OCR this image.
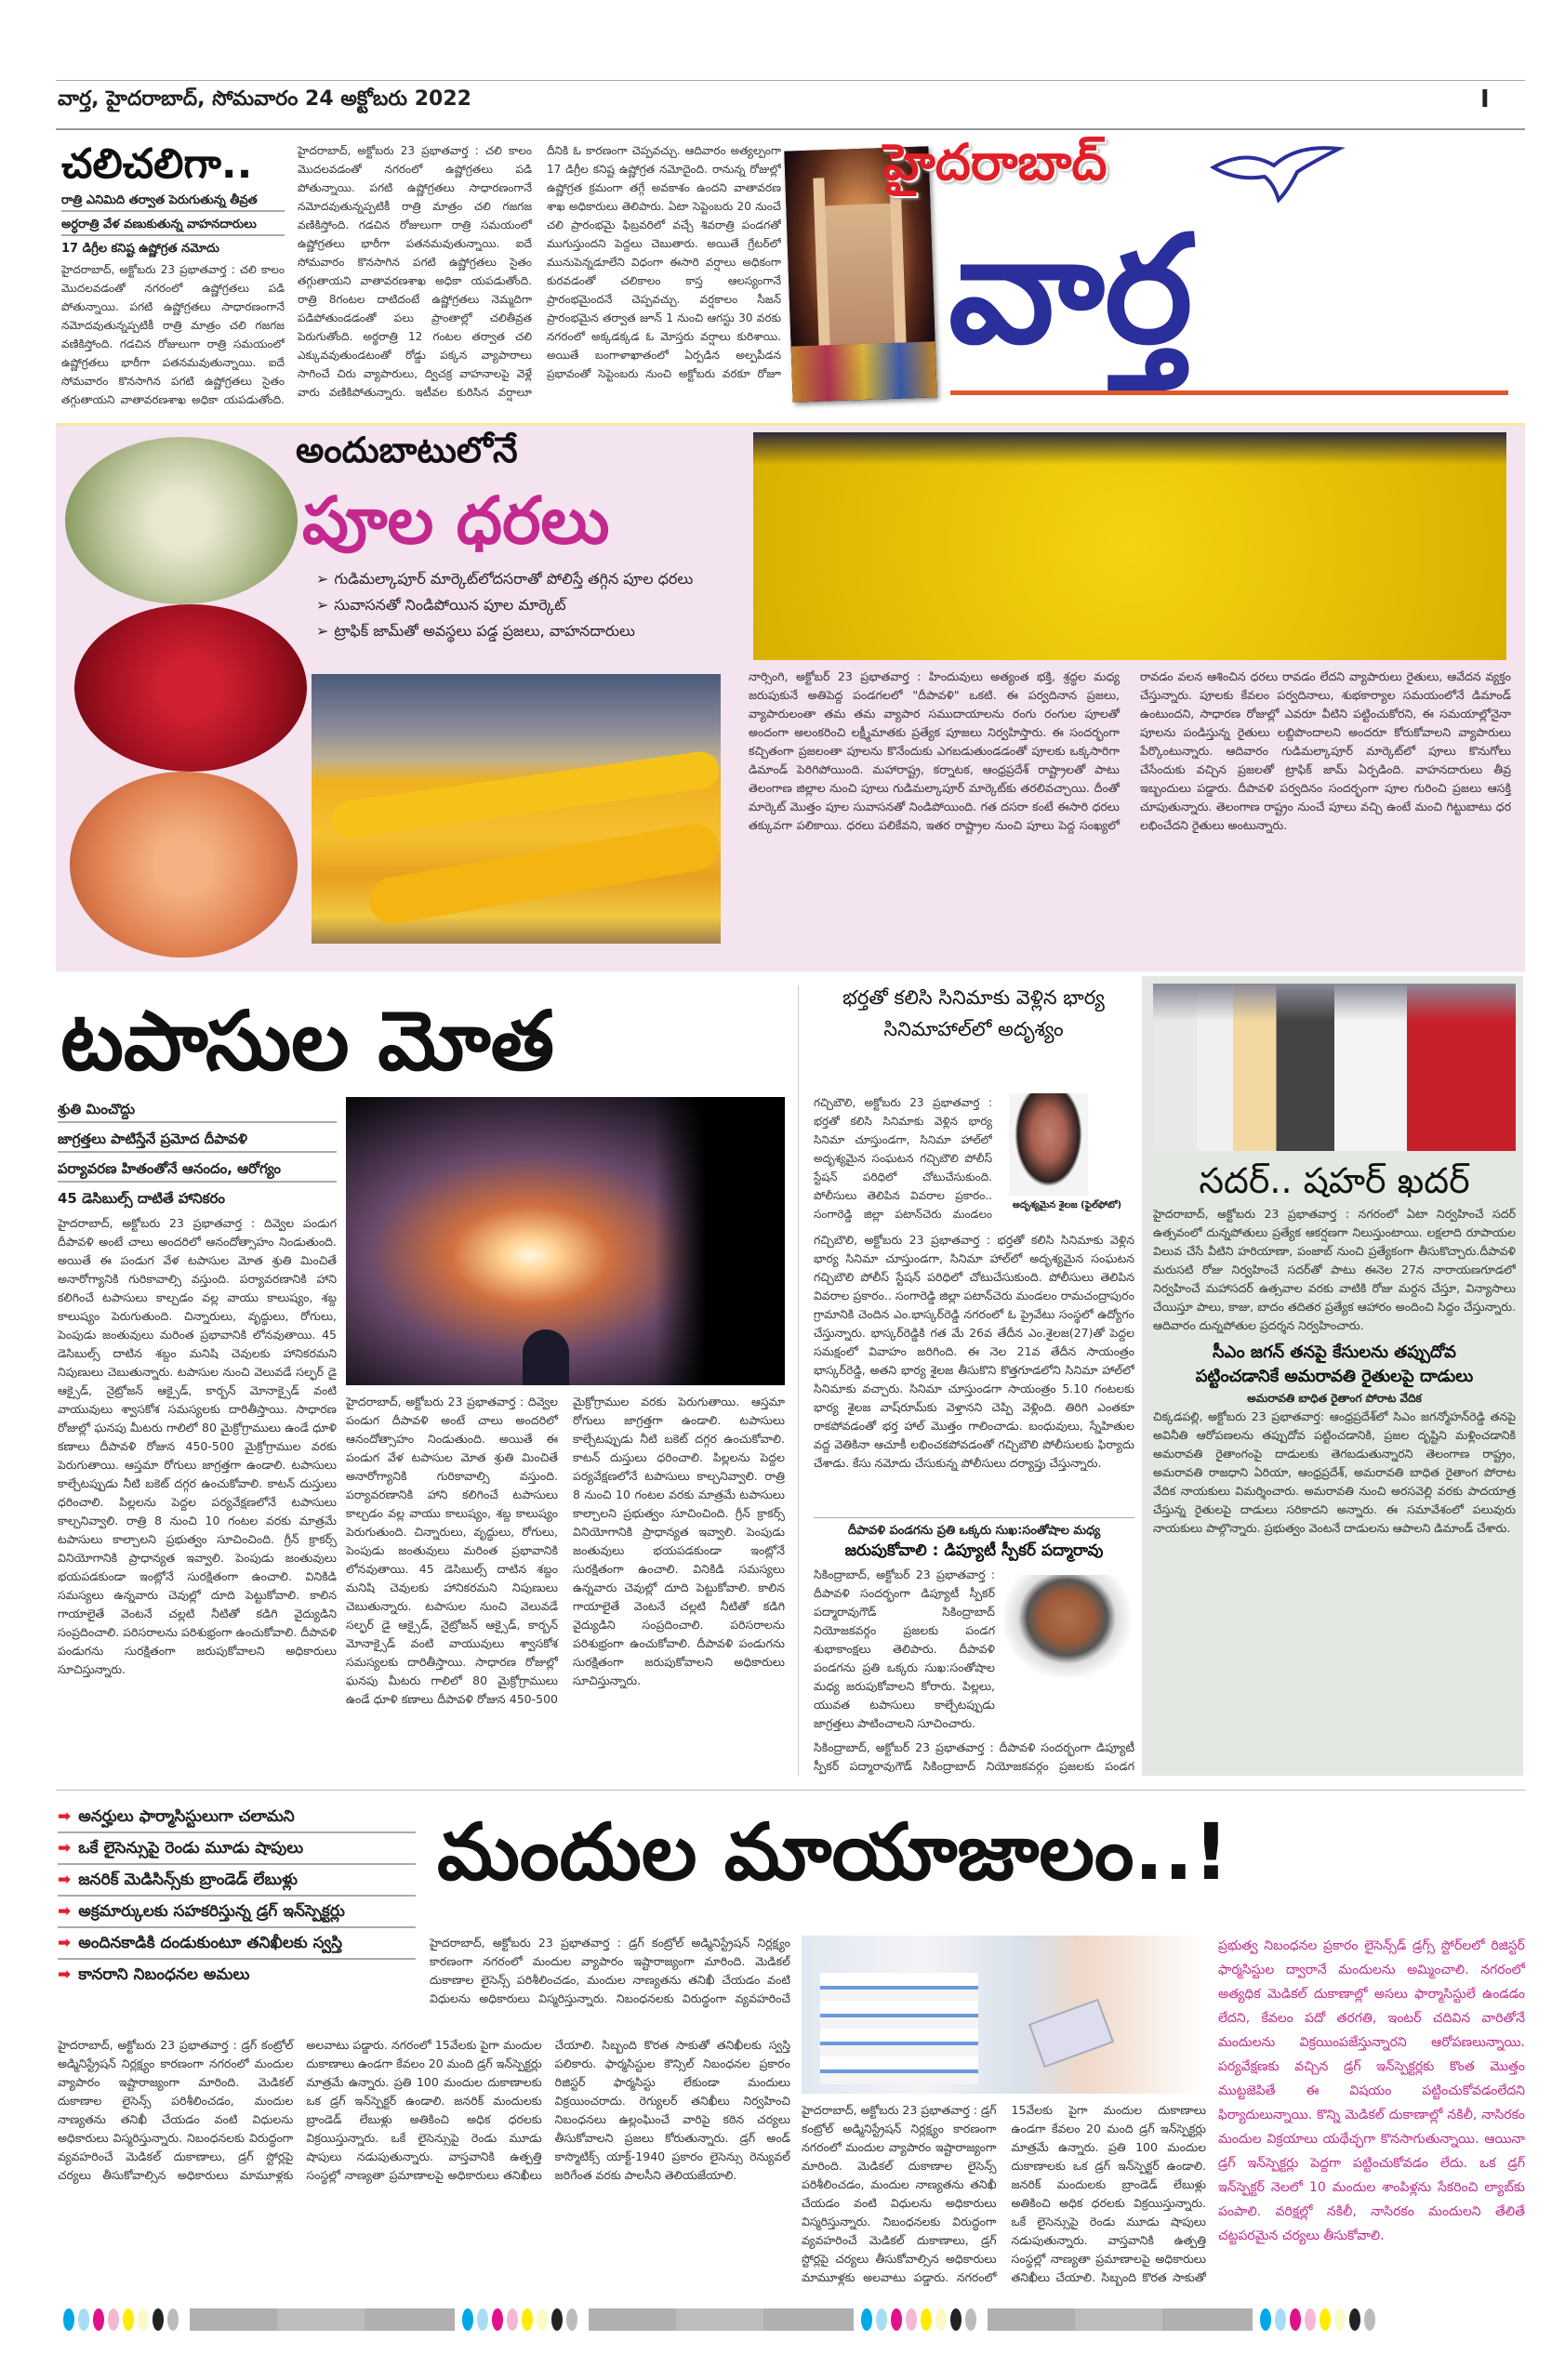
వార్త, హైదరాబాద్, సోమవారం 24 అక్టోబరు 2022	I
చలిచలిగా..
రాత్రి ఎనిమిది తర్వాత పెరుగుతున్న తీవ్రత
అర్ధరాత్రి వేళ వణుకుతున్న వాహనదారులు
17 డిగ్రీల కనిష్ట ఉష్ణోగ్రత నమోదు
హైదరాబాద్, అక్టోబరు 23 ప్రభాతవార్త : చలి కాలం మొదలవడంతో నగరంలో ఉష్ణోగ్రతలు పడి పోతున్నాయి. పగటి ఉష్ణోగ్రతలు సాధారణంగానే నమోదవుతున్నప్పటికీ రాత్రి మాత్రం చలి గజగజ వణికిస్తోంది. గడచిన రోజులుగా రాత్రి సమయంలో ఉష్ణోగ్రతలు భారీగా పతనమవుతున్నాయి. ఐదే సోమవారం కొనసాగిన పగటి ఉష్ణోగ్రతలు సైతం తగ్గుతాయని వాతావరణశాఖ అధికా యపడుతోంది.
హైదరాబాద్, అక్టోబరు 23 ప్రభాతవార్త : చలి కాలం మొదలవడంతో నగరంలో ఉష్ణోగ్రతలు పడి పోతున్నాయి. పగటి ఉష్ణోగ్రతలు సాధారణంగానే నమోదవుతున్నప్పటికీ రాత్రి మాత్రం చలి గజగజ వణికిస్తోంది. గడచిన రోజులుగా రాత్రి సమయంలో ఉష్ణోగ్రతలు భారీగా పతనమవుతున్నాయి. ఐదే సోమవారం కొనసాగిన పగటి ఉష్ణోగ్రతలు సైతం తగ్గుతాయని వాతావరణశాఖ అధికా యపడుతోంది. రాత్రి 8గంటల దాటిదంటే ఉష్ణోగ్రతలు నెమ్మదిగా పడిపోతుండడంతో పలు ప్రాంతాల్లో చలితీవ్రత పెరుగుతోంది. అర్థరాత్రి 12 గంటల తర్వాత చలి ఎక్కువవుతుండటంతో రోడ్డు పక్కన వ్యాపారాలు సాగించే చిరు వ్యాపారులు, ద్విచక్ర వాహనాలపై వెళ్లే వారు వణికిపోతున్నారు. ఇటీవల కురిసిన వర్షాలూ దీనికి ఓ కారణంగా చెప్పవచ్చు. ఆదివారం అత్యల్పంగా 17 డిగ్రీల కనిష్ట ఉష్ణోగ్రత నమోదైంది. రానున్న రోజుల్లో ఉష్ణోగ్రత క్రమంగా తగ్గే అవకాశం ఉందని వాతావరణ శాఖ అధికారులు తెలిపారు. ఏటా సెప్టెంబరు 20 నుంచే చలి ప్రారంభమై ఫిబ్రవరిలో వచ్చే శివరాత్రి పండగతో ముగుస్తుందని పెద్దలు చెబుతారు. అయితే గ్రేటర్‌లో మునుపెన్నడూలేని విధంగా ఈసారి వర్షాలు అధికంగా కురవడంతో చలికాలం కాస్త ఆలస్యంగానే ప్రారంభమైందనే చెప్పవచ్చు. వర్షకాలం సీజన్ ప్రారంభమైన తర్వాత జూన్ 1 నుంచి ఆగస్టు 30 వరకు నగరంలో అక్కడక్కడ ఓ మోస్తరు వర్షాలు కురిశాయి. అయితే బంగాళాఖాతంలో ఏర్పడిన అల్పపీడన ప్రభావంతో సెప్టెంబరు నుంచి అక్టోబరు వరకూ రోజూ
హైదరాబాద్
వార్త
అందుబాటులోనే
పూల ధరలు
➢ గుడిమల్కాపూర్ మార్కెట్‌లోదసరాతో పోలిస్తే తగ్గిన పూల ధరలు
➢ సువాసనతో నిండిపోయిన పూల మార్కెట్
➢ ట్రాఫిక్ జామ్‌తో అవస్థలు పడ్డ ప్రజలు, వాహనదారులు
నార్సింగి, అక్టోబర్ 23 ప్రభాతవార్త : హిందువులు అత్యంత భక్తి, శ్రద్ధల మధ్య జరుపుకునే అతిపెద్ద పండగలలో "దీపావళి" ఒకటి. ఈ పర్వదినాన ప్రజలు, వ్యాపారులంతా తమ తమ వ్యాపార సముదాయాలను రంగు రంగుల పూలతో అందంగా అలంకరించి లక్ష్మీమాతకు ప్రత్యేక పూజలు నిర్వహిస్తారు. ఈ సందర్భంగా కచ్చితంగా ప్రజలంతా పూలను కొనేందుకు ఎగబడుతుండడంతో పూలకు ఒక్కసారిగా డిమాండ్ పెరిగిపోయింది. మహారాష్ట్ర, కర్నాటక, ఆంధ్రప్రదేశ్ రాష్ట్రాలతో పాటు తెలంగాణ జిల్లాల నుంచి పూలు గుడిమల్కాపూర్ మార్కెట్‌కు తరలివచ్చాయి. దీంతో మార్కెట్ మొత్తం పూల సువాసనతో నిండిపోయింది. గత దసరా కంటే ఈసారి ధరలు తక్కువగా పలికాయి. ధరలు పలికేవని, ఇతర రాష్ట్రాల నుంచి పూలు పెద్ద సంఖ్యలో రావడం వలన ఆశించిన ధరలు రావడం లేదని వ్యాపారులు రైతులు, ఆవేదన వ్యక్తం చేస్తున్నారు. పూలకు కేవలం పర్వదినాలు, శుభకార్యాల సమయంలోనే డిమాండ్ ఉంటుందని, సాధారణ రోజుల్లో ఎవరూ వీటిని పట్టించుకోరని, ఈ సమయాల్లోనైనా పూలను పండిస్తున్న రైతులు లబ్దిపొందాలని అందరూ కోరుకోవాలని వ్యాపారులు పేర్కొంటున్నారు. ఆదివారం గుడిమల్కాపూర్ మార్కెట్‌లో పూలు కొనుగోలు చేసేందుకు వచ్చిన ప్రజలతో ట్రాఫిక్ జామ్ ఏర్పడింది. వాహనదారులు తీవ్ర ఇబ్బందులు పడ్డారు. దీపావళి పర్వదినం సందర్భంగా పూల గురించి ప్రజలు ఆసక్తి చూపుతున్నారు. తెలంగాణ రాష్ట్రం నుంచే పూలు వచ్చి ఉంటే మంచి గిట్టుబాటు ధర లభించేదని రైతులు అంటున్నారు.
టపాసుల మోత
శ్రుతి మించొద్దు
జాగ్రత్తలు పాటిస్తేనే ప్రమోద దీపావళి
పర్యావరణ హితంతోనే ఆనందం, ఆరోగ్యం
45 డెసిబుల్స్ దాటితే హానికరం
హైదరాబాద్, అక్టోబరు 23 ప్రభాతవార్త : దివ్వెల పండుగ దీపావళి అంటే చాలు అందరిలో ఆనందోత్సాహం నిండుతుంది. అయితే ఈ పండుగ వేళ టపాసుల మోత శ్రుతి మించితే అనారోగ్యానికి గురికావాల్సి వస్తుంది. పర్యావరణానికి హాని కలిగించే టపాసులు కాల్చడం వల్ల వాయు కాలుష్యం, శబ్ద కాలుష్యం పెరుగుతుంది. చిన్నారులు, వృద్ధులు, రోగులు, పెంపుడు జంతువులు మరింత ప్రభావానికి లోనవుతాయి. 45 డెసిబుల్స్ దాటిన శబ్దం మనిషి చెవులకు హానికరమని నిపుణులు చెబుతున్నారు. టపాసుల నుంచి వెలువడే సల్ఫర్ డై ఆక్సైడ్, నైట్రోజన్ ఆక్సైడ్, కార్బన్ మోనాక్సైడ్ వంటి వాయువులు శ్వాసకోశ సమస్యలకు దారితీస్తాయి. సాధారణ రోజుల్లో ఘనపు మీటరు గాలిలో 80 మైక్రోగ్రాములు ఉండే ధూళి కణాలు దీపావళి రోజున 450-500 మైక్రోగ్రాముల వరకు పెరుగుతాయి. ఆస్తమా రోగులు జాగ్రత్తగా ఉండాలి. టపాసులు కాల్చేటప్పుడు నీటి బకెట్ దగ్గర ఉంచుకోవాలి. కాటన్ దుస్తులు ధరించాలి. పిల్లలను పెద్దల పర్యవేక్షణలోనే టపాసులు కాల్చనివ్వాలి. రాత్రి 8 నుంచి 10 గంటల వరకు మాత్రమే టపాసులు కాల్చాలని ప్రభుత్వం సూచించింది. గ్రీన్ క్రాకర్స్ వినియోగానికి ప్రాధాన్యత ఇవ్వాలి. పెంపుడు జంతువులు భయపడకుండా ఇంట్లోనే సురక్షితంగా ఉంచాలి. వినికిడి సమస్యలు ఉన్నవారు చెవుల్లో దూది పెట్టుకోవాలి. కాలిన గాయాలైతే వెంటనే చల్లటి నీటితో కడిగి వైద్యుడిని సంప్రదించాలి. పరిసరాలను పరిశుభ్రంగా ఉంచుకోవాలి. దీపావళి పండుగను సురక్షితంగా జరుపుకోవాలని అధికారులు సూచిస్తున్నారు.
హైదరాబాద్, అక్టోబరు 23 ప్రభాతవార్త : దివ్వెల పండుగ దీపావళి అంటే చాలు అందరిలో ఆనందోత్సాహం నిండుతుంది. అయితే ఈ పండుగ వేళ టపాసుల మోత శ్రుతి మించితే అనారోగ్యానికి గురికావాల్సి వస్తుంది. పర్యావరణానికి హాని కలిగించే టపాసులు కాల్చడం వల్ల వాయు కాలుష్యం, శబ్ద కాలుష్యం పెరుగుతుంది. చిన్నారులు, వృద్ధులు, రోగులు, పెంపుడు జంతువులు మరింత ప్రభావానికి లోనవుతాయి. 45 డెసిబుల్స్ దాటిన శబ్దం మనిషి చెవులకు హానికరమని నిపుణులు చెబుతున్నారు. టపాసుల నుంచి వెలువడే సల్ఫర్ డై ఆక్సైడ్, నైట్రోజన్ ఆక్సైడ్, కార్బన్ మోనాక్సైడ్ వంటి వాయువులు శ్వాసకోశ సమస్యలకు దారితీస్తాయి. సాధారణ రోజుల్లో ఘనపు మీటరు గాలిలో 80 మైక్రోగ్రాములు ఉండే ధూళి కణాలు దీపావళి రోజున 450-500 మైక్రోగ్రాముల వరకు పెరుగుతాయి. ఆస్తమా రోగులు జాగ్రత్తగా ఉండాలి. టపాసులు కాల్చేటప్పుడు నీటి బకెట్ దగ్గర ఉంచుకోవాలి. కాటన్ దుస్తులు ధరించాలి. పిల్లలను పెద్దల పర్యవేక్షణలోనే టపాసులు కాల్చనివ్వాలి. రాత్రి 8 నుంచి 10 గంటల వరకు మాత్రమే టపాసులు కాల్చాలని ప్రభుత్వం సూచించింది. గ్రీన్ క్రాకర్స్ వినియోగానికి ప్రాధాన్యత ఇవ్వాలి. పెంపుడు జంతువులు భయపడకుండా ఇంట్లోనే సురక్షితంగా ఉంచాలి. వినికిడి సమస్యలు ఉన్నవారు చెవుల్లో దూది పెట్టుకోవాలి. కాలిన గాయాలైతే వెంటనే చల్లటి నీటితో కడిగి వైద్యుడిని సంప్రదించాలి. పరిసరాలను పరిశుభ్రంగా ఉంచుకోవాలి. దీపావళి పండుగను సురక్షితంగా జరుపుకోవాలని అధికారులు సూచిస్తున్నారు.
భర్తతో కలిసి సినిమాకు వెళ్లిన భార్య సినిమాహాల్‌లో అదృశ్యం
గచ్చిబౌలి, అక్టోబరు 23 ప్రభాతవార్త : భర్తతో కలిసి సినిమాకు వెళ్లిన భార్య సినిమా చూస్తుండగా, సినిమా హాల్‌లో అదృశ్యమైన సంఘటన గచ్చిబౌలి పోలీస్ స్టేషన్ పరిధిలో చోటుచేసుకుంది. పోలీసులు తెలిపిన వివరాల ప్రకారం.. సంగారెడ్డి జిల్లా పటాన్‌చెరు మండలం
అదృశ్యమైన శైలజ (ఫైల్‌ఫోటో)
గచ్చిబౌలి, అక్టోబరు 23 ప్రభాతవార్త : భర్తతో కలిసి సినిమాకు వెళ్లిన భార్య సినిమా చూస్తుండగా, సినిమా హాల్‌లో అదృశ్యమైన సంఘటన గచ్చిబౌలి పోలీస్ స్టేషన్ పరిధిలో చోటుచేసుకుంది. పోలీసులు తెలిపిన వివరాల ప్రకారం.. సంగారెడ్డి జిల్లా పటాన్‌చెరు మండలం రామచంద్రాపురం గ్రామానికి చెందిన ఎం.భాస్కర్‌రెడ్డి నగరంలో ఓ ప్రైవేటు సంస్థలో ఉద్యోగం చేస్తున్నారు. భాస్కర్‌రెడ్డికి గత మే 26వ తేదీన ఎం.శైలజ(27)తో పెద్దల సమక్షంలో వివాహం జరిగింది. ఈ నెల 21వ తేదీన సాయంత్రం భాస్కర్‌రెడ్డి, అతని భార్య శైలజ తీసుకొని కొత్తగూడలోని సినిమా హాల్‌లో సినిమాకు వచ్చారు. సినిమా చూస్తుండగా సాయంత్రం 5.10 గంటలకు భార్య శైలజ వాష్‌రూమ్‌కు వెళ్తానని చెప్పి వెళ్లింది. తిరిగి ఎంతకూ రాకపోవడంతో భర్త హాల్ మొత్తం గాలించాడు. బంధువులు, స్నేహితుల వద్ద వెతికినా ఆచూకీ లభించకపోవడంతో గచ్చిబౌలి పోలీసులకు ఫిర్యాదు చేశాడు. కేసు నమోదు చేసుకున్న పోలీసులు దర్యాప్తు చేస్తున్నారు.
దీపావళి పండగను ప్రతి ఒక్కరు సుఖ:సంతోషాల మధ్య
జరుపుకోవాలి : డిప్యూటీ స్పీకర్ పద్మారావు
సికింద్రాబాద్, అక్టోబర్ 23 ప్రభాతవార్త : దీపావళి సందర్భంగా డిప్యూటీ స్పీకర్ పద్మారావుగౌడ్ సికింద్రాబాద్ నియోజకవర్గం ప్రజలకు పండగ శుభాకాంక్షలు తెలిపారు. దీపావళి పండగను ప్రతి ఒక్కరు సుఖ:సంతోషాల మధ్య జరుపుకోవాలని కోరారు. పిల్లలు, యువత టపాసులు కాల్చేటప్పుడు జాగ్రత్తలు పాటించాలని సూచించారు.
సికింద్రాబాద్, అక్టోబర్ 23 ప్రభాతవార్త : దీపావళి సందర్భంగా డిప్యూటీ స్పీకర్ పద్మారావుగౌడ్ సికింద్రాబాద్ నియోజకవర్గం ప్రజలకు పండగ
సదర్.. షహర్ ఖదర్
హైదరాబాద్, అక్టోబరు 23 ప్రభాతవార్త : నగరంలో ఏటా నిర్వహించే సదర్ ఉత్సవంలో దున్నపోతులు ప్రత్యేక ఆకర్షణగా నిలుస్తుంటాయి. లక్షలాది రూపాయల విలువ చేసే వీటిని హరియాణా, పంజాబ్ నుంచి ప్రత్యేకంగా తీసుకొచ్చారు.దీపావళి మరుసటి రోజు నిర్వహించే సదర్‌తో పాటు ఈనెల 27న నారాయణగూడలో నిర్వహించే మహాసదర్ ఉత్సవాల వరకు వాటికి రోజు మర్దన చేస్తూ, విన్యాసాలు చేయిస్తూ పాలు, కాజు, బాదం తదితర ప్రత్యేక ఆహారం అందించి సిద్ధం చేస్తున్నారు. ఆదివారం దున్నపోతుల ప్రదర్శన నిర్వహించారు.
సీఎం జగన్ తనపై కేసులను తప్పుదోవ
పట్టించడానికే అమరావతి రైతులపై దాడులు
అమరావతి బాధిత రైతాంగ పోరాట వేదిక
చిక్కడపల్లి, అక్టోబరు 23 ప్రభాతవార్త: ఆంధ్రప్రదేశ్‌లో సిఎం జగన్మోహన్‌రెడ్డి తనపై అవినీతి ఆరోపణలను తప్పుదోవ పట్టించడానికి, ప్రజల దృష్టిని మళ్లించడానికి అమరావతి రైతాంగంపై దాడులకు తెగబడుతున్నారని తెలంగాణ రాష్ట్రం, అమరావతి రాజధాని ఏరియా, ఆంధ్రప్రదేశ్, అమరావతి బాధిత రైతాంగ పోరాట వేదిక నాయకులు విమర్శించారు. అమరావతి నుంచి అరసవెల్లి వరకు పాదయాత్ర చేస్తున్న రైతులపై దాడులు సరికాదని అన్నారు. ఈ సమావేశంలో పలువురు నాయకులు పాల్గొన్నారు. ప్రభుత్వం వెంటనే దాడులను ఆపాలని డిమాండ్ చేశారు.
➡ అనర్హులు ఫార్మాసిస్టులుగా చలామని
➡ ఒకే లైసెన్సుపై రెండు మూడు షాపులు
➡ జనరిక్ మెడిసిన్స్‌కు బ్రాండెడ్ లేబుళ్లు
➡ అక్రమార్కులకు సహకరిస్తున్న డ్రగ్ ఇన్‌స్పెక్టర్లు
➡ అందినకాడికి దండుకుంటూ తనిఖీలకు స్వస్తి
➡ కానరాని నిబంధనల అమలు
మందుల మాయాజాలం..!
హైదరాబాద్, అక్టోబరు 23 ప్రభాతవార్త : డ్రగ్ కంట్రోల్ అడ్మినిస్ట్రేషన్ నిర్లక్ష్యం కారణంగా నగరంలో మందుల వ్యాపారం ఇష్టారాజ్యంగా మారింది. మెడికల్ దుకాణాల లైసెన్స్ పరిశీలించడం, మందుల నాణ్యతను తనిఖీ చేయడం వంటి విధులను అధికారులు విస్మరిస్తున్నారు. నిబంధనలకు విరుద్ధంగా వ్యవహరించే
హైదరాబాద్, అక్టోబరు 23 ప్రభాతవార్త : డ్రగ్ కంట్రోల్ అడ్మినిస్ట్రేషన్ నిర్లక్ష్యం కారణంగా నగరంలో మందుల వ్యాపారం ఇష్టారాజ్యంగా మారింది. మెడికల్ దుకాణాల లైసెన్స్ పరిశీలించడం, మందుల నాణ్యతను తనిఖీ చేయడం వంటి విధులను అధికారులు విస్మరిస్తున్నారు. నిబంధనలకు విరుద్ధంగా వ్యవహరించే మెడికల్ దుకాణాలు, డ్రగ్ స్టోర్లపై చర్యలు తీసుకోవాల్సిన అధికారులు మామూళ్లకు అలవాటు పడ్డారు. నగరంలో 15వేలకు పైగా మందుల దుకాణాలు ఉండగా కేవలం 20 మంది డ్రగ్ ఇన్‌స్పెక్టర్లు మాత్రమే ఉన్నారు. ప్రతి 100 మందుల దుకాణాలకు ఒక డ్రగ్ ఇన్‌స్పెక్టర్ ఉండాలి. జనరిక్ మందులకు బ్రాండెడ్ లేబుళ్లు అతికించి అధిక ధరలకు విక్రయిస్తున్నారు. ఒకే లైసెన్సుపై రెండు మూడు షాపులు నడుపుతున్నారు. వాస్తవానికి ఉత్పత్తి సంస్థల్లో నాణ్యతా ప్రమాణాలపై అధికారులు తనిఖీలు చేయాలి. సిబ్బంది కొరత సాకుతో తనిఖీలకు స్వస్తి పలికారు. ఫార్మసిస్టుల కౌన్సిల్ నిబంధనల ప్రకారం రిజిస్టర్ ఫార్మసిస్టు లేకుండా మందులు విక్రయించరాదు. రెగ్యులర్ తనిఖీలు నిర్వహించి నిబంధనలు ఉల్లంఘించే వారిపై కఠిన చర్యలు తీసుకోవాలని ప్రజలు కోరుతున్నారు. డ్రగ్ అండ్ కాస్మొటిక్స్ యాక్ట్-1940 ప్రకారం లైసెన్సు రెన్యువల్ జరిగేంత వరకు పాలసీని తెలియజేయాలి.
హైదరాబాద్, అక్టోబరు 23 ప్రభాతవార్త : డ్రగ్ కంట్రోల్ అడ్మినిస్ట్రేషన్ నిర్లక్ష్యం కారణంగా నగరంలో మందుల వ్యాపారం ఇష్టారాజ్యంగా మారింది. మెడికల్ దుకాణాల లైసెన్స్ పరిశీలించడం, మందుల నాణ్యతను తనిఖీ చేయడం వంటి విధులను అధికారులు విస్మరిస్తున్నారు. నిబంధనలకు విరుద్ధంగా వ్యవహరించే మెడికల్ దుకాణాలు, డ్రగ్ స్టోర్లపై చర్యలు తీసుకోవాల్సిన అధికారులు మామూళ్లకు అలవాటు పడ్డారు. నగరంలో 15వేలకు పైగా మందుల దుకాణాలు ఉండగా కేవలం 20 మంది డ్రగ్ ఇన్‌స్పెక్టర్లు మాత్రమే ఉన్నారు. ప్రతి 100 మందుల దుకాణాలకు ఒక డ్రగ్ ఇన్‌స్పెక్టర్ ఉండాలి. జనరిక్ మందులకు బ్రాండెడ్ లేబుళ్లు అతికించి అధిక ధరలకు విక్రయిస్తున్నారు. ఒకే లైసెన్సుపై రెండు మూడు షాపులు నడుపుతున్నారు. వాస్తవానికి ఉత్పత్తి సంస్థల్లో నాణ్యతా ప్రమాణాలపై అధికారులు తనిఖీలు చేయాలి. సిబ్బంది కొరత సాకుతో
ప్రభుత్వ నిబంధనల ప్రకారం లైసెన్స్‌డ్ డ్రగ్స్ స్టోర్‌లలో రిజిస్టర్ ఫార్మసిస్టుల ద్వారానే మందులను అమ్మించాలి. నగరంలో అత్యధిక మెడికల్ దుకాణాల్లో అసలు ఫార్మాసిస్టులే ఉండడం లేదని, కేవలం పదో తరగతి, ఇంటర్ చదివిన వారితోనే మందులను విక్రయింపజేస్తున్నారని ఆరోపణలున్నాయి. పర్యవేక్షణకు వచ్చిన డ్రగ్ ఇన్‌స్పెక్టర్లకు కొంత మొత్తం ముట్టజెపితే ఈ విషయం పట్టించుకోవడంలేదని ఫిర్యాదులున్నాయి. కొన్ని మెడికల్ దుకాణాల్లో నకిలీ, నాసిరకం మందుల విక్రయాలు యథేచ్ఛగా కొనసాగుతున్నాయి. ఆయినా డ్రగ్ ఇన్‌స్పెక్టర్లు పెద్దగా పట్టించుకోవడం లేదు. ఒక డ్రగ్ ఇన్‌స్పెక్టర్ నెలలో 10 మందుల శాంపిళ్లను సేకరించి ల్యాబ్‌కు పంపాలి. వరిక్షల్లో నకిలీ, నాసిరకం మందులని తేలితే చట్టపరమైన చర్యలు తీసుకోవాలి.
